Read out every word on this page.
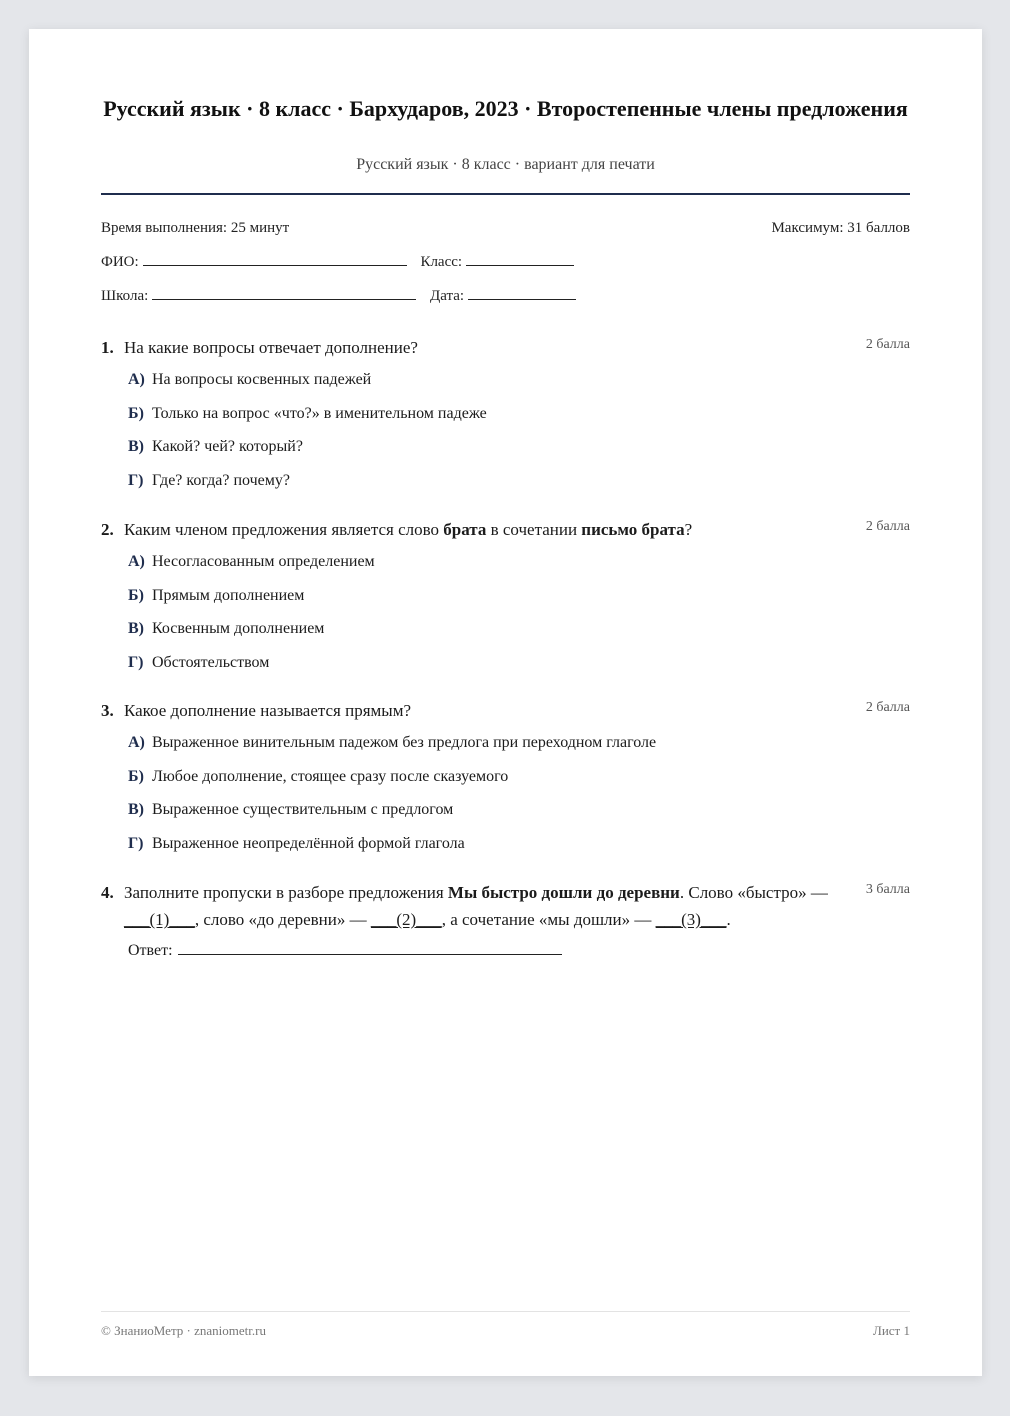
Русский язык · 8 класс · Бархударов, 2023 · Второстепенные члены предложения
Русский язык · 8 класс · вариант для печати
Время выполнения: 25 минут	Максимум: 31 баллов
ФИО:	Класс:
Школа:	Дата:
1. На какие вопросы отвечает дополнение?	2 балла
А) На вопросы косвенных падежей
Б) Только на вопрос «что?» в именительном падеже
В) Какой? чей? который?
Г) Где? когда? почему?
2. Каким членом предложения является слово брата в сочетании письмо брата?	2 балла
А) Несогласованным определением
Б) Прямым дополнением
В) Косвенным дополнением
Г) Обстоятельством
3. Какое дополнение называется прямым?	2 балла
А) Выраженное винительным падежом без предлога при переходном глаголе
Б) Любое дополнение, стоящее сразу после сказуемого
В) Выраженное существительным с предлогом
Г) Выраженное неопределённой формой глагола
4. Заполните пропуски в разборе предложения Мы быстро дошли до деревни. Слово «быстро» — ___(1)___, слово «до деревни» — ___(2)___, а сочетание «мы дошли» — ___(3)___.
3 балла
Ответ:
© ЗнаниоМетр · znaniometr.ru	Лист 1
